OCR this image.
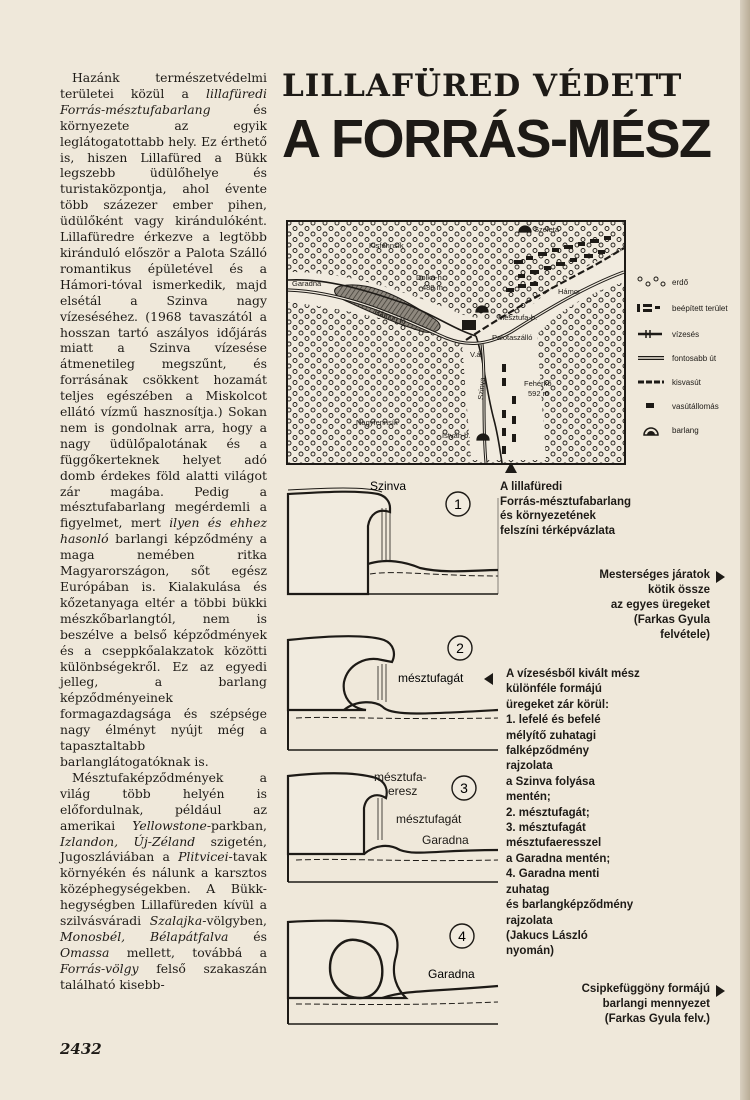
LILLAFÜRED VÉDETT
A FORRÁS-MÉSZ

Hazánk természetvédelmi területei közül a lillafüredi Forrás-mésztufabarlang és környezete az egyik leglátogatottabb hely. Ez érthető is, hiszen Lillafüred a Bükk legszebb üdülőhelye és turistaközpontja, ahol évente több százezer ember pihen, üdülőként vagy kirándulóként. Lillafüredre érkezve a legtöbb kiránduló először a Palota Szálló romantikus épületével és a Hámori-tóval ismerkedik, majd elsétál a Szinva nagy vízeséséhez. (1968 tavaszától a hosszan tartó aszályos időjárás miatt a Szinva vízesése átmenetileg megszűnt, és forrásának csökkent hozamát teljes egészében a Miskolcot ellátó vízmű hasznosítja.) Sokan nem is gondolnak arra, hogy a nagy üdülőpalotának és a függőkerteknek helyet adó domb érdekes föld alatti világot zár magába. Pedig a mésztufabarlang megérdemli a figyelmet, mert ilyen és ehhez hasonló barlangi képződmény a maga nemében ritka Magyarországon, sőt egész Európában is. Kialakulása és kőzetanyaga eltér a többi bükki mészkőbarlangtól, nem is beszélve a belső képződmények és a cseppkőalakzatok közötti különbségekről. Ez az egyedi jelleg, a barlang képződményeinek formagazdagsága és szépsége nagy élményt nyújt még a tapasztaltabb barlanglátogatóknak is.

Mésztufaképződmények a világ több helyén is előfordulnak, például az amerikai Yellowstone-parkban, Izlandon, Új-Zéland szigetén, Jugoszláviában a Plitvicei-tavak környékén és nálunk a karsztos középhegységekben. A Bükk-hegységben Lillafüreden kívül a szilvásváradi Szalajka-völgyben, Monosbél, Bélapátfalva és Omassa mellett, továbbá a Forrás-völgy felső szakaszán található kisebb-

2432
Szeleta
Kisfennsík
Dolka-h.
480 m
Garadna
Hámori tó
Hámor
Mésztufa-b.
Palotaszálló
V.á.
Szinva	Fehérkő
592 m
Nagyfennsík
István b.
erdő
beépített terület
vízesés
fontosabb út
kisvasút
vasútállomás
barlang
A lillafüredi
Forrás-mésztufabarlang
és környezetének
felszíni térképvázlata
Szinva
1
mésztufagát
2
mésztufa-
eresz
mésztufagát
Garadna
3
Garadna
4
Mesterséges járatok
kötik össze
az egyes üregeket
(Farkas Gyula
felvétele)
A vízesésből kivált mész
különféle formájú
üregeket zár körül:
1. lefelé és befelé
mélyítő zuhatagi
falképződmény
rajzolata
a Szinva folyása
mentén;
2. mésztufagát;
3. mésztufagát
mésztufaeresszel
a Garadna mentén;
4. Garadna menti
zuhatag
és barlangképződmény
rajzolata
(Jakucs László
nyomán)
Csipkefüggöny formájú
barlangi mennyezet
(Farkas Gyula felv.)
